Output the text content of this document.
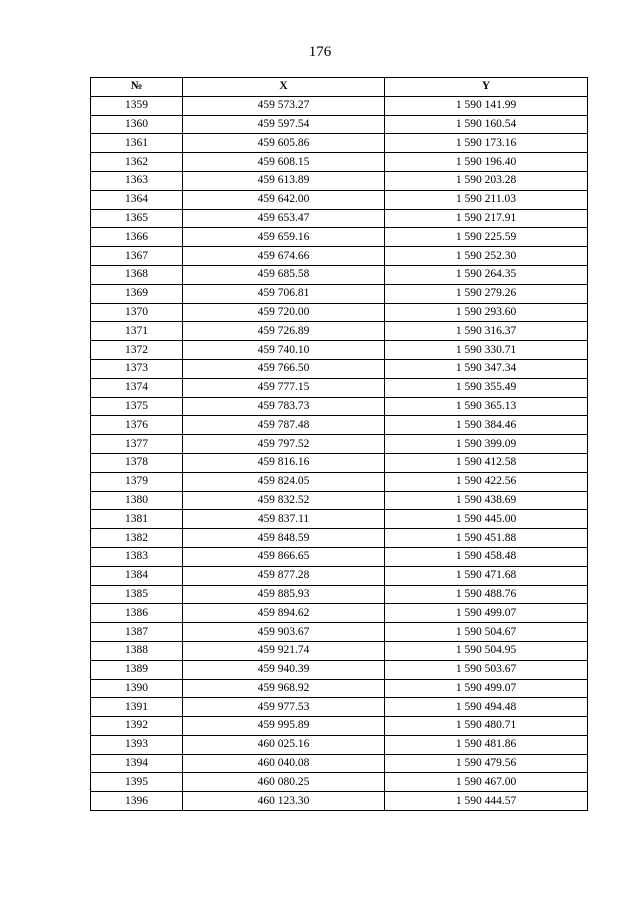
176
№	X	Y
1359	459 573.27	1 590 141.99
1360	459 597.54	1 590 160.54
1361	459 605.86	1 590 173.16
1362	459 608.15	1 590 196.40
1363	459 613.89	1 590 203.28
1364	459 642.00	1 590 211.03
1365	459 653.47	1 590 217.91
1366	459 659.16	1 590 225.59
1367	459 674.66	1 590 252.30
1368	459 685.58	1 590 264.35
1369	459 706.81	1 590 279.26
1370	459 720.00	1 590 293.60
1371	459 726.89	1 590 316.37
1372	459 740.10	1 590 330.71
1373	459 766.50	1 590 347.34
1374	459 777.15	1 590 355.49
1375	459 783.73	1 590 365.13
1376	459 787.48	1 590 384.46
1377	459 797.52	1 590 399.09
1378	459 816.16	1 590 412.58
1379	459 824.05	1 590 422.56
1380	459 832.52	1 590 438.69
1381	459 837.11	1 590 445.00
1382	459 848.59	1 590 451.88
1383	459 866.65	1 590 458.48
1384	459 877.28	1 590 471.68
1385	459 885.93	1 590 488.76
1386	459 894.62	1 590 499.07
1387	459 903.67	1 590 504.67
1388	459 921.74	1 590 504.95
1389	459 940.39	1 590 503.67
1390	459 968.92	1 590 499.07
1391	459 977.53	1 590 494.48
1392	459 995.89	1 590 480.71
1393	460 025.16	1 590 481.86
1394	460 040.08	1 590 479.56
1395	460 080.25	1 590 467.00
1396	460 123.30	1 590 444.57
